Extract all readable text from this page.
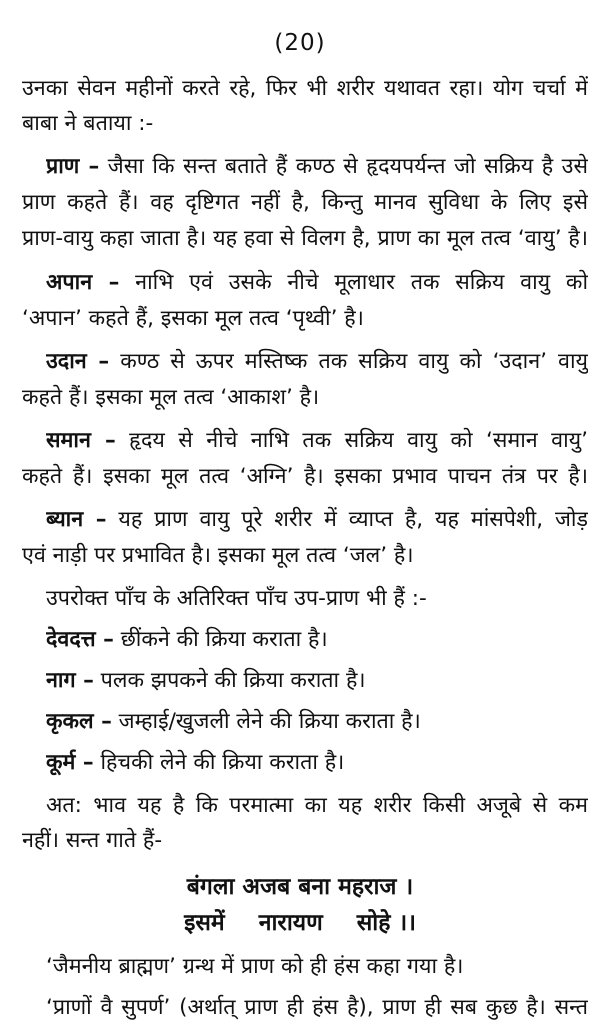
(20)
उनका सेवन महीनों करते रहे, फिर भी शरीर यथावत रहा। योग चर्चा में
बाबा ने बताया :-
प्राण – जैसा कि सन्त बताते हैं कण्ठ से हृदयपर्यन्त जो सक्रिय है उसे
प्राण कहते हैं। वह दृष्टिगत नहीं है, किन्तु मानव सुविधा के लिए इसे
प्राण-वायु कहा जाता है। यह हवा से विलग है, प्राण का मूल तत्व ‘वायु’ है।
अपान – नाभि एवं उसके नीचे मूलाधार तक सक्रिय वायु को
‘अपान’ कहते हैं, इसका मूल तत्व ‘पृथ्वी’ है।
उदान – कण्ठ से ऊपर मस्तिष्क तक सक्रिय वायु को ‘उदान’ वायु
कहते हैं। इसका मूल तत्व ‘आकाश’ है।
समान – हृदय से नीचे नाभि तक सक्रिय वायु को ‘समान वायु’
कहते हैं। इसका मूल तत्व ‘अग्नि’ है। इसका प्रभाव पाचन तंत्र पर है।
ब्यान – यह प्राण वायु पूरे शरीर में व्याप्त है, यह मांसपेशी, जोड़
एवं नाड़ी पर प्रभावित है। इसका मूल तत्व ‘जल’ है।
उपरोक्त पाँच के अतिरिक्त पाँच उप-प्राण भी हैं :-
देवदत्त – छींकने की क्रिया कराता है।
नाग – पलक झपकने की क्रिया कराता है।
कृकल – जम्हाई/खुजली लेने की क्रिया कराता है।
कूर्म – हिचकी लेने की क्रिया कराता है।
अत: भाव यह है कि परमात्मा का यह शरीर किसी अजूबे से कम
नहीं। सन्त गाते हैं-
बंगला अजब बना महराज ।
इसमें नारायण सोहे ।।
‘जैमनीय ब्राह्मण’ ग्रन्थ में प्राण को ही हंस कहा गया है।
‘प्राणों वै सुपर्ण’ (अर्थात् प्राण ही हंस है), प्राण ही सब कुछ है। सन्त
